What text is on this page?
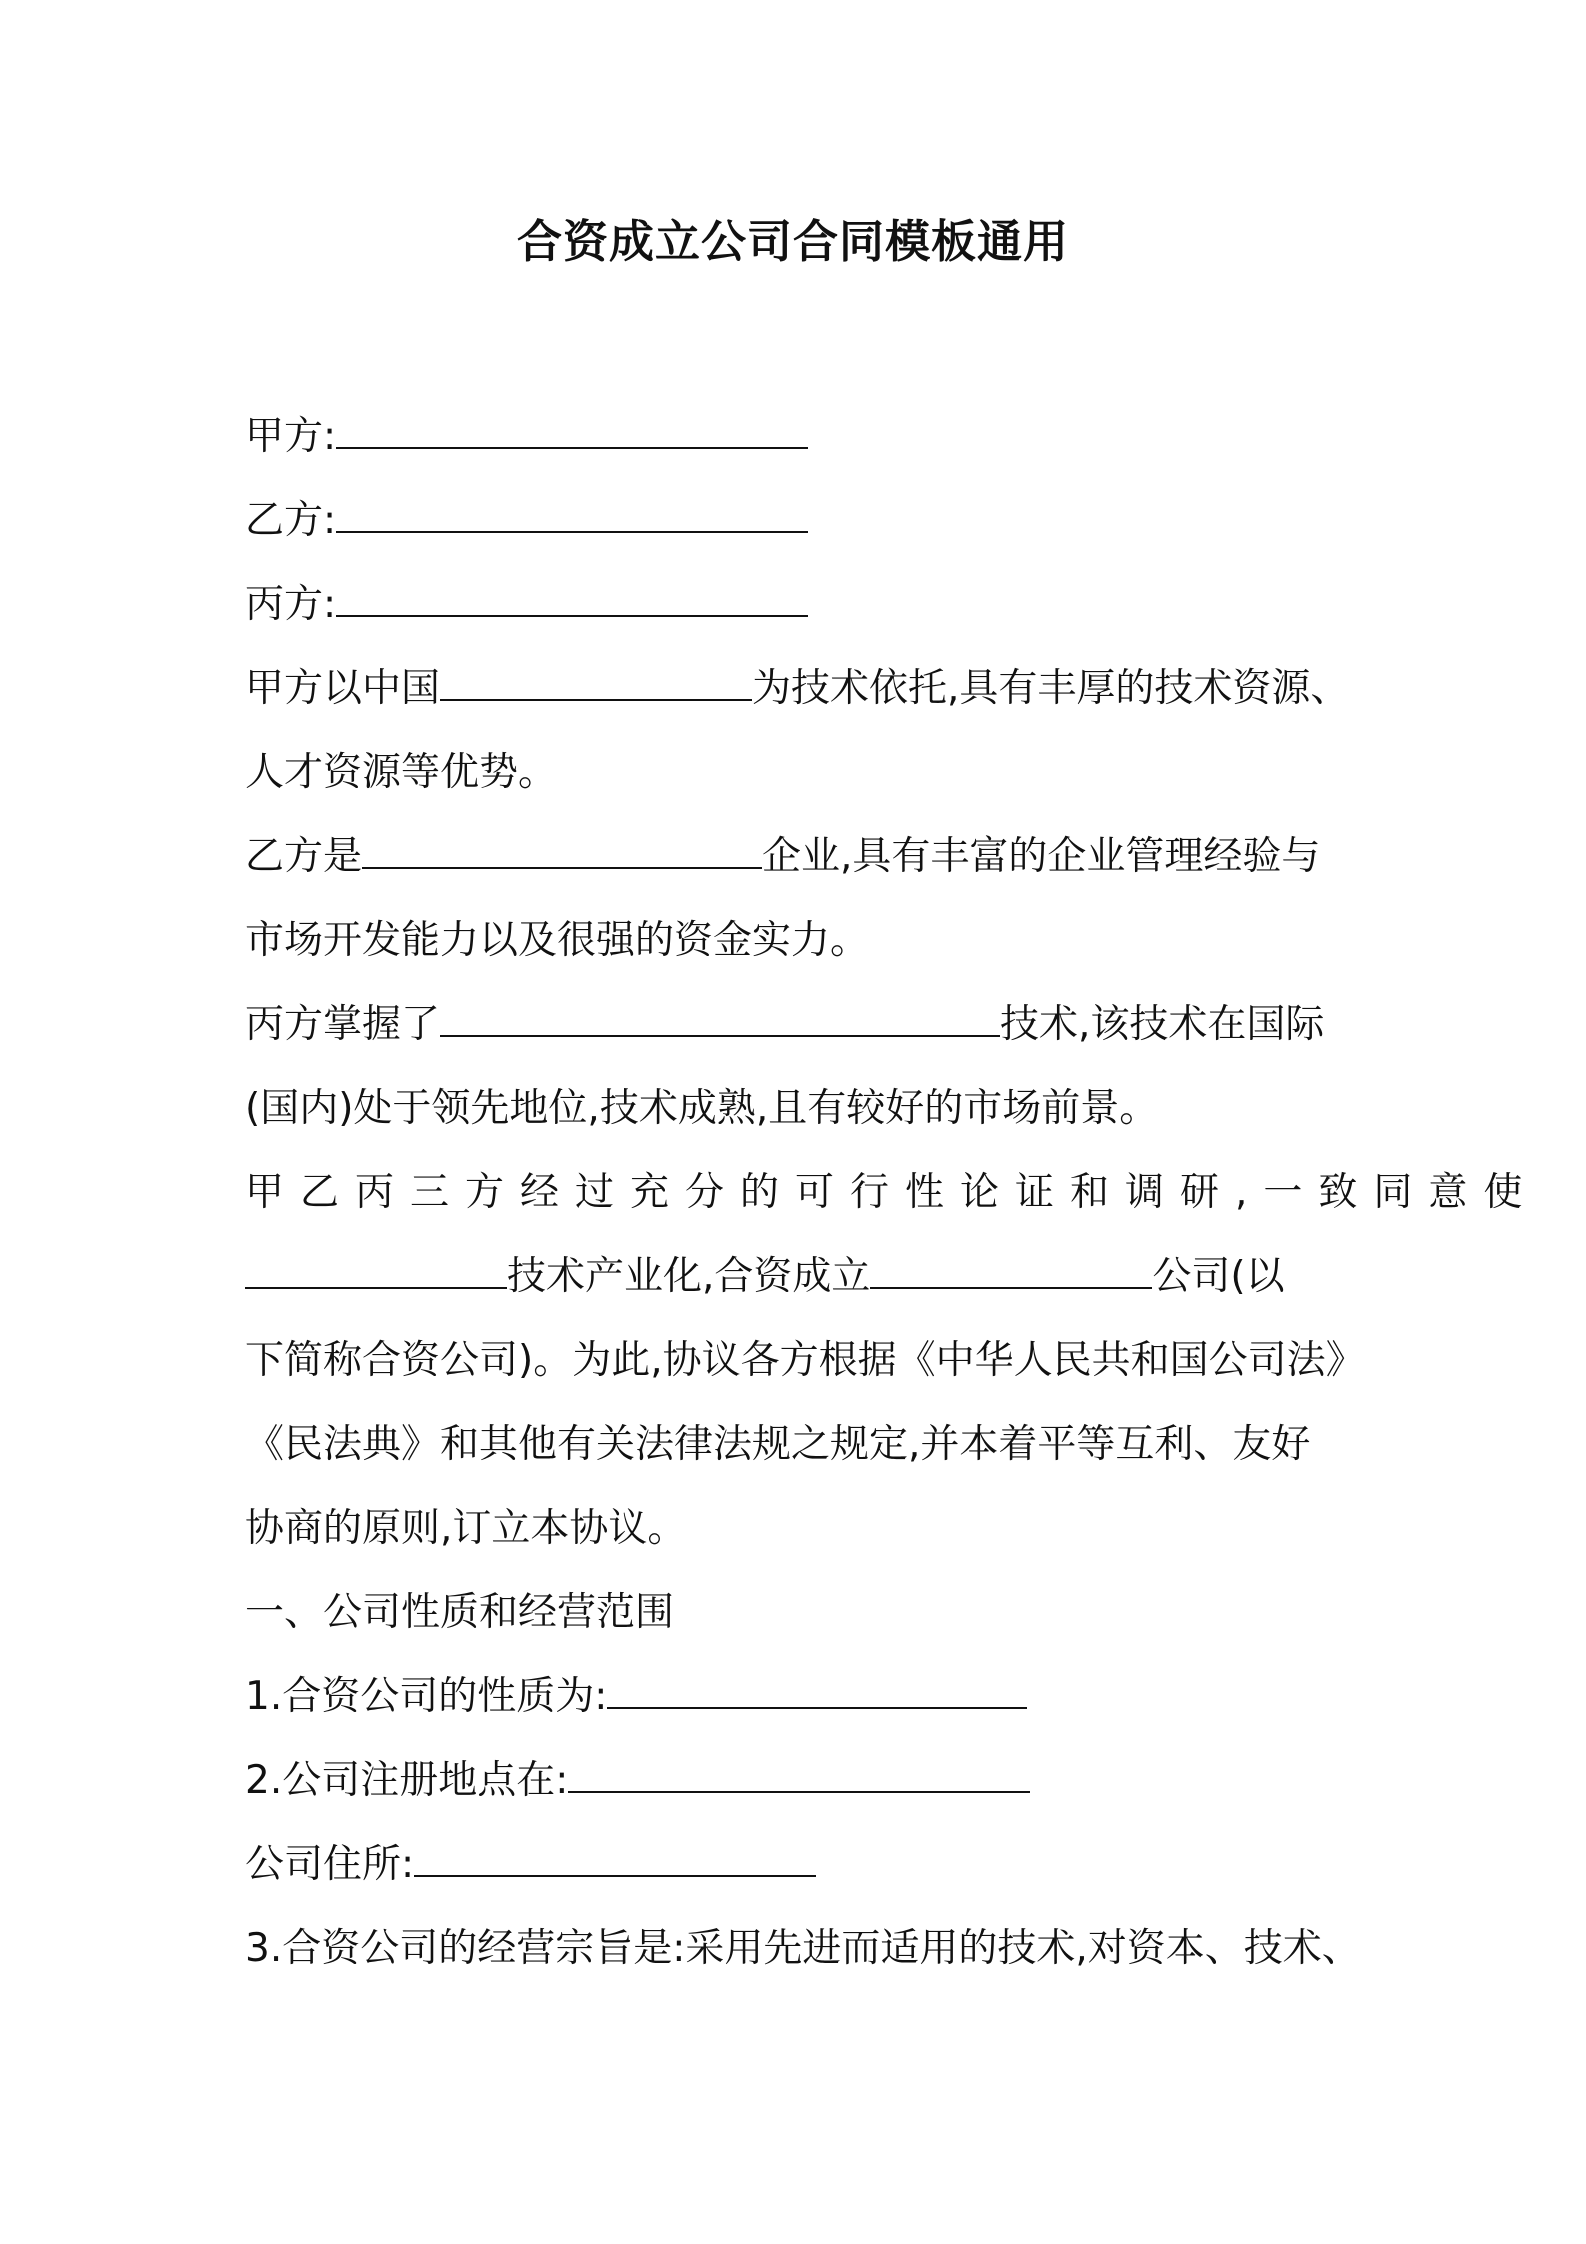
合资成立公司合同模板通用
甲方:
乙方:
丙方:
甲方以中国	为技术依托,具有丰厚的技术资源、
人才资源等优势。
乙方是	企业,具有丰富的企业管理经验与
市场开发能力以及很强的资金实力。
丙方掌握了	技术,该技术在国际
(国内)处于领先地位,技术成熟,且有较好的市场前景。
甲乙丙三方经过充分的可行性论证和调研,一致同意使
技术产业化,合资成立	公司(以
下简称合资公司)。为此,协议各方根据《中华人民共和国公司法》
《民法典》和其他有关法律法规之规定,并本着平等互利、友好
协商的原则,订立本协议。
一、公司性质和经营范围
1.合资公司的性质为:
2.公司注册地点在:
公司住所:
3.合资公司的经营宗旨是:采用先进而适用的技术,对资本、技术、
